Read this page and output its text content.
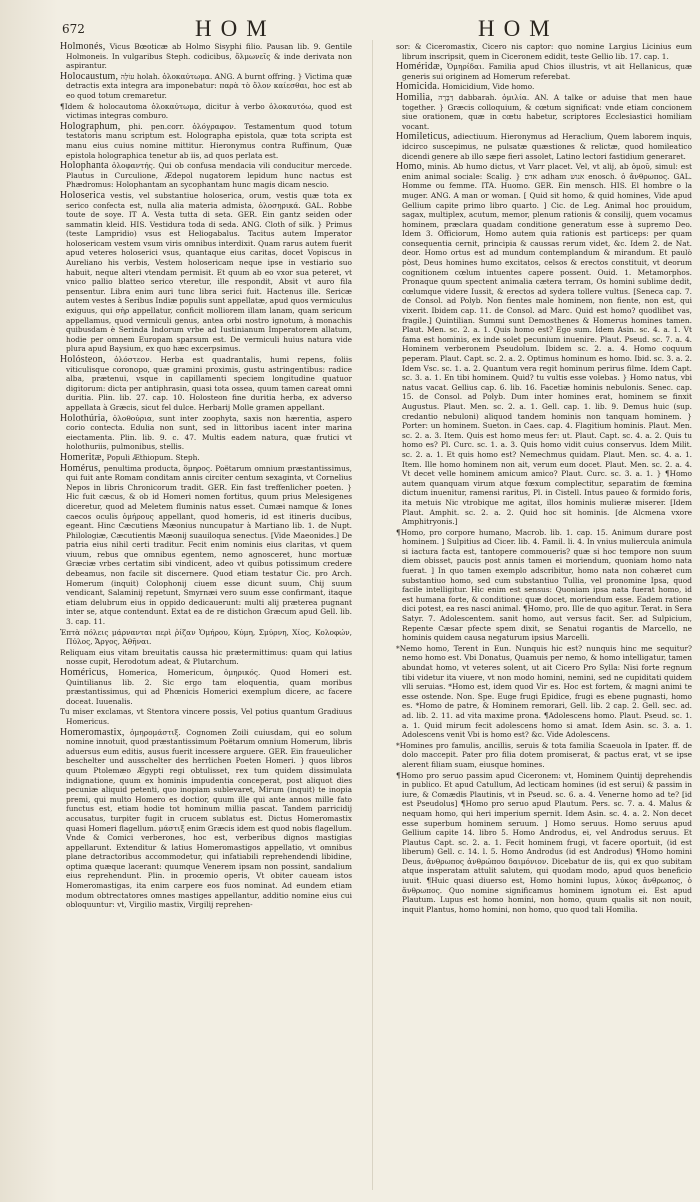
672	HOM	HOM

Holmonés, Vicus Bœoticæ ab Holmo Sisyphi filio. Pausan lib. 9. Gentile Holmoneis. In vulgaribus Steph. codicibus, ὄλμωνεῖς & inde derivata non aspirantur.

Holocaustum, עוֹלָה holah. ὁλοκαύτωμα. ANG. A burnt offring. } Victima quæ detractis exta integra ara imponebatur: παρὰ τὸ ὅλον καίεσθαι, hoc est ab eo quod totum cremaretur.

¶Idem & holocautoma ὁλοκαύτωμα, dicitur à verbo ὁλοκαυτόω, quod est victimas integras comburo.

Holographum, phi. pen.corr. ὁλόγραφον. Testamentum quod totum testatoris manu scriptum est. Holographa epistola, quæ tota scripta est manu eius cuius nomine mittitur. Hieronymus contra Ruffinum, Quæ epistola holographica tenetur ab iis, ad quos perlata est.

Holophanta ὁλοφαντής. Qui ob confusa mendacia vili conducitur mercede. Plautus in Curculione, Ædepol nugatorem lepidum hunc nactus est Phædromus: Holophantam an sycophantam hunc magis dicam nescio.

Holoserica vestis, vel substantiue holoserica, orum, vestis quæ tota ex serico confecta est, nulla alia materia admista, ὁλοσηρικά. GAL. Robbe toute de soye. IT A. Vesta tutta di seta. GER. Ein gantz seiden oder sammatin kleid. HIS. Vestidura toda di seda. ANG. Cloth of silk. } Primus (teste Lampridio) vsus est Heliogabalus. Tacitus autem Imperator holosericam vestem vsum viris omnibus interdixit. Quam rarus autem fuerit apud veteres holoserici vsus, quantaque eius caritas, docet Vopiscus in Aureliano his verbis, Vestem holosericam neque ipse in vestiario suo habuit, neque alteri vtendam permisit. Et quum ab eo vxor sua peteret, vt vnico pallio blatteo serico vteretur, ille respondit, Absit vt auro fila pensentur. Libra enim auri tunc libra serici fuit. Hactenus ille. Sericæ autem vestes à Seribus Indiæ populis sunt appellatæ, apud quos vermiculus exiguus, qui σὴρ appellatur, conficit molliorem illam lanam, quam sericum appellamus, quod vermiculi genus, antea orbi nostro ignotum, à monachis quibusdam è Serinda Indorum vrbe ad Iustinianum Imperatorem allatum, hodie per omnem Europam sparsum est. De vermiculi huius natura vide plura apud Baysium, ex quo hæc excerpsimus.

Holósteon, ὁλόστεον. Herba est quadrantalis, humi repens, foliis viticulisque coronopo, quæ gramini proximis, gustu astringentibus: radice alba, prætenui, vsque in capillamenti speciem longitudine quatuor digitorum: dicta per antiphrasin, quasi tota ossea, quum tamen careat omni duritia. Plin. lib. 27. cap. 10. Holosteon fine duritia herba, ex adverso appellata à Græcis, sicut fel dulce. Herbarij Molle gramen appellant.

Holothúria, ὁλοθούρια, sunt inter zoophyta, saxis non hærentia, aspero corio contecta. Edulia non sunt, sed in littoribus iacent inter marina eiectamenta. Plin. lib. 9. c. 47. Multis eadem natura, quæ frutici vt holothuriis, pulmonibus, stellis.

Homeritæ, Populi Æthiopum. Steph.

Homérus, penultima producta, ὅμηρος. Poëtarum omnium præstantissimus, qui fuit ante Romam conditam annis circiter centum sexaginta, vt Cornelius Nepos in libris Chronicorum tradit. GER. Ein fast treffenlicher poeten. } Hic fuit cæcus, & ob id Homeri nomen fortitus, quum prius Melesigenes diceretur, quod ad Meletem fluminis natus esset. Cumæi namque & Iones caecos oculis ὁμήρους appellant, quod homeris, id est itineris ducibus, egeant. Hinc Cæcutiens Mæonius nuncupatur à Martiano lib. 1. de Nupt. Philologiæ, Cæcutientis Mæonij suauiloqua senectus. [Vide Maeonides.] De patria eius nihil certi traditur. Fecit enim nominis eius claritas, vt quem viuum, rebus que omnibus egentem, nemo agnosceret, hunc mortuæ Græciæ vrbes certatim sibi vindicent, adeo vt quibus potissimum credere debeamus, non facile sit discernere. Quod etiam testatur Cic. pro Arch. Homerum (inquit) Colophonij ciuem esse dicunt suum, Chij suum vendicant, Salaminij repetunt, Smyrnæi vero suum esse confirmant, itaque etiam delubrum eius in oppido dedicauerunt: multi alij præterea pugnant inter se, atque contendunt. Extat ea de re distichon Græcum apud Gell. lib. 3. cap. 11.

Ἑπτὰ πόλεις μάρνανται περὶ ῥίζαν Ὁμήρου, Κύμη, Σμύρνη, Χίος, Κολοφών, Πύλος, Ἄργος, Ἀθῆναι.

Reliquam eius vitam breuitatis caussa hic prætermittimus: quam qui latius nosse cupit, Herodotum adeat, & Plutarchum.

Homéricus, Homerica, Homericum, ὁμηρικός. Quod Homeri est. Quintilianus lib. 2. Sic ergo tam eloquentia, quam moribus præstantissimus, qui ad Phœnicis Homerici exemplum dicere, ac facere doceat. Iuuenalis.

Tu miser exclamas, vt Stentora vincere possis, Vel potius quantum Gradiuus Homericus.

Homeromastix, ὁμηρομάστιξ. Cognomen Zoili cuiusdam, qui eo solum nomine innotuit, quod præstantissimum Poëtarum omnium Homerum, libris aduersus eum editis, ausus fuerit incessere arguere. GER. Ein fraueulicher beschelter und ausschelter des herrlichen Poeten Homeri. } quos libros quum Ptolemæo Ægypti regi obtulisset, rex tum quidem dissimulata indignatione, quum ex hominis impudentia conceperat, post aliquot dies pecuniæ aliquid petenti, quo inopiam sublevaret, Mirum (inquit) te inopia premi, qui multo Homero es doctior, quum ille qui ante annos mille fato functus est, etiam hodie tot hominum millia pascat. Tandem parricidij accusatus, turpiter fugit in crucem sublatus est. Dictus Homeromastix quasi Homeri flagellum. μάστιξ enim Græcis idem est quod nobis flagellum. Vnde & Comici verberones, hoc est, verberibus dignos mastigias appellarunt. Extenditur & latius Homeromastigos appellatio, vt omnibus plane detractoribus accommodetur, qui infatiabili reprehendendi libidine, optima quæque lacerant: quumque Venerem ipsam non possint, sandalium eius reprehendunt. Plin. in proœmio operis, Vt obiter caueam istos Homeromastigas, ita enim carpere eos fuos nominat. Ad eundem etiam modum obtrectatores omnes mastiges appellantur, additio nomine eius cui obloquuntur: vt, Virgilio mastix, Virgilij reprehen-

sor: & Ciceromastix, Cicero nis captor: quo nomine Largius Licinius eum librum inscripsit, quem in Ciceronem edidit, teste Gellio lib. 17. cap. 1.

Homéridæ, Ὁμηρίδαι. Familia apud Chios illustris, vt ait Hellanicus, quæ generis sui originem ad Homerum referebat.

Homicida. Homicidium, Vide homo.

Homilia, דַּבָּרָה dabbarah. ὁμιλία. AN. A talke or aduise that men haue together. } Græcis colloquium, & cœtum significat: vnde etiam concionem siue orationem, quæ in cœtu habetur, scriptores Ecclesiastici homiliam vocant.

Homileticus, adiectiuum. Hieronymus ad Heraclium, Quem laborem inquis, idcirco suscepimus, ne pulsatæ quæstiones & relictæ, quod homileatico dicendi genere ab illo sæpe fieri assolet, Latino lectori fastidium generaret.

Homo, minis. Ab humo dictus, vt Varr placet. Vel, vt alij, ab ὁμοῦ, simul: est enim animal sociale: Scalig. } אדם adham אנוש enosch. ὁ ἄνθρωπος. GAL. Homme ou femme. ITA. Huomo. GER. Ein mensch. HIS. El hombre o la muger. ANG. A man or woman. [ Quid sit homo, & quid homines, Vide apud Gellium capite primo libro quarto. ] Cic. de Leg. Animal hoc prouidum, sagax, multiplex, acutum, memor, plenum rationis & consilij, quem vocamus hominem, præclara quadam conditione generatum esse à supremo Deo. Idem 3. Officiorum, Homo autem quia rationis est particeps: per quam consequentia cernit, principia & caussas rerum videt, &c. Idem 2. de Nat. deor. Homo ortus est ad mundum contemplandum & mirandum. Et paulò pòst, Deus homines humo excitatos, celsos & erectos constituit, vt deorum cognitionem cœlum intuentes capere possent. Ouid. 1. Metamorphos. Pronaque quum spectent animalia cætera terram, Os homini sublime dedit, cœlumque videre Iussit, & erectos ad sydera tollere vultus. [Seneca cap. 7. de Consol. ad Polyb. Non fientes male hominem, non fiente, non est, qui vixerit. Ibidem cap. 11. de Consol. ad Marc. Quid est homo? quodlibet vas, fragile.] Quintilian. Summi sunt Demosthenes & Homerus homines tamen. Plaut. Men. sc. 2. a. 1. Quis homo est? Ego sum. Idem Asin. sc. 4. a. 1. Vt fama est hominis, ex inde solet pecunium inuenire. Plaut. Pseud. sc. 7. a. 4. Hominem verberonem Pseudolum. Ibidem sc. 2. a. 4. Homo coquum peperam. Plaut. Capt. sc. 2. a. 2. Optimus hominum es homo. Ibid. sc. 3. a. 2. Idem Vsc. sc. 1. a. 2. Quantum vera regit hominum perirus filme. Idem Capt. sc. 3. a. 1. En tibi hominem. Quid? tu vultis esse volebas. } Homo natus, vbi natus vacat. Gellius cap. 6. lib. 16. Facetiæ hominis nebulonis. Senec. cap. 15. de Consol. ad Polyb. Dum inter homines erat, hominem se finxit Augustus. Plaut. Men. sc. 2. a. 1. Gell. cap. 1. lib. 9. Demus huic (sup. credantio nebuloni) aliquod tandem hominis non tanquam hominem. } Porter: un hominem. Sueton. in Caes. cap. 4. Flagitium hominis. Plaut. Men. sc. 2. a. 3. Item. Quis est homo meus fer: ut. Plaut. Capt. sc. 4. a. 2. Quis tu homo es? Pl. Curc. sc. 1. a. 3. Quis homo vidit cuius conservus. Idem Milit. sc. 2. a. 1. Et quis homo est? Nemechmus quidam. Plaut. Men. sc. 4. a. 1. Item. Ille homo hominem non ait, verum eum docet. Plaut. Men. sc. 2. a. 4. Vt decet velle hominem amicum amico? Plaut. Curc. sc. 3. a. 1. } ¶Homo autem quanquam virum atque fœxum complectitur, separatim de fœmina dictum inuenitur, ramensi raritus, Pl. in Cistell. Intus paueo & formido foris, ita metuis Nic vtrobique me agitat, illos hominis mulieræ miserer. [Idem Plaut. Amphit. sc. 2. a. 2. Quid hoc sit hominis. [de Alcmena vxore Amphitryonis.]

¶Homo, pro corpore humano, Macrob. lib. 1. cap. 15. Animum durare post hominem. ] Sulpitius ad Cicer. lib. 4. Famil. li. 4. In vnius muliercula animula si iactura facta est, tantopere commoueris? quæ si hoc tempore non suum diem obisset, paucis post annis tamen ei moriendum, quoniam homo nata fuerat. ] In quo tamen exemplo adscribitur, homo nata non cohæret cum substantiuo homo, sed cum substantiuo Tullia, vel pronomine Ipsa, quod facile intelligitur. Hic enim est sensus: Quoniam ipsa nata fuerat homo, id est humana forte, & conditione: quæ docet, moriendum esse. Eadem ratione dici potest, ea res nasci animal. ¶Homo, pro. Ille de quo agitur. Terat. in Sera Satyr. 7. Adolescentem. sanit homo, aut versus facit. Ser. ad Sulpicium, Repente Cæsar pfecte spem dixit, se Senatui rogantis de Marcello, ne hominis quidem causa negaturum ipsius Marcelli.

*Nemo homo, Terent in Eun. Nunquis hic est? nunquis hinc me sequitur? nemo homo est. Vbi Donatus, Quamuis per nemo, & homo intelligatur, tamen abundat homo, vt veteres solent, ut ait Cicero Pro Sylla: Nisi forte regnum tibi videtur ita viuere, vt non modo homini, nemini, sed ne cupiditati quidem vlli seruias. *Homo est, idem quod Vir es. Hoc est fortem, & magni animi te esse ostende. Non. Spe. Euge frugi Epidice, frugi es ebene pugnasti, homo es. *Homo de patre, & Hominem remorari, Gell. lib. 2 cap. 2. Gell. sec. ad. ad. lib. 2. 11. ad vita maxime prona. ¶Adolescens homo. Plaut. Pseud. sc. 1. a. 1. Quid mirum fecit adolescens homo si amat. Idem Asin. sc. 3. a. 1. Adolescens venit Vbi is homo est? &c. Vide Adolescens.

*Homines pro famulis, ancillis, seruis & tota familia Scaeuola in Ipater. ff. de dolo maccepit. Pater pro filia dotem promiserat, & pactus erat, vt se ipse alerent filiam suam, eiusque homines.

¶Homo pro seruo passim apud Ciceronem: vt, Hominem Quintij deprehendis in publico. Et apud Catullum, Ad lecticam homines (id est serui) & passim in iure, & Comædis Plautinis, vt in Pseud. sc. 6. a. 4. Venerne homo ad te? [id est Pseudolus] ¶Homo pro seruo apud Plautum. Pers. sc. 7. a. 4. Malus & nequam homo, qui heri imperium spernit. Idem Asin. sc. 4. a. 2. Non decet esse superbum hominem seruum. ] Homo seruus. Homo seruus apud Gellium capite 14. libro 5. Homo Androdus, ei, vel Androdus seruus. Et Plautus Capt. sc. 2. a. 1. Fecit hominem frugi, vt facere oportuit, (id est liberum) Gell. c. 14. l. 5. Homo Androdus (id est Androdus) ¶Homo homini Deus, ἄνθρωπος ἀνθρώπου δαιμόνιον. Dicebatur de iis, qui ex quo subitam atque insperatam attulit salutem, qui quodam modo, apud quos beneficio iuuit. ¶Huic quasi diuerso est, Homo homini lupus, λύκος ἄνθρωπος, ὁ ἄνθρωπος. Quo nomine significamus hominem ignotum ei. Est apud Plautum. Lupus est homo homini, non homo, quum qualis sit non nouit, inquit Plantus, homo homini, non homo, quo quod tali Homilia.
